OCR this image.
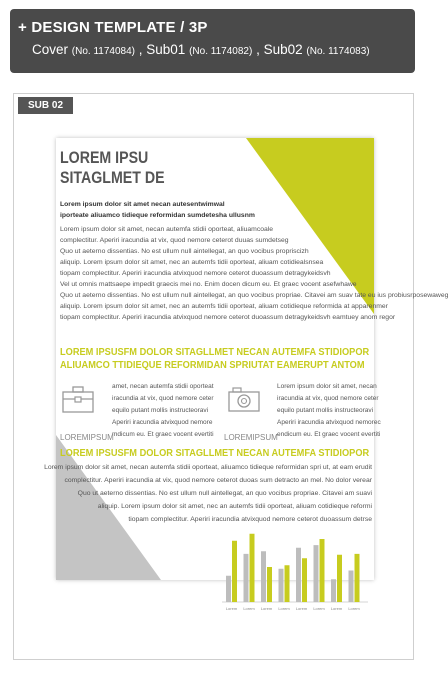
+ DESIGN TEMPLATE / 3P
Cover (No. 1174084) , Sub01 (No. 1174082) , Sub02 (No. 1174083)
SUB 02
LOREM IPSU
SITAGLMET DE
Lorem ipsum dolor sit amet necan autesentwimwal
iporteate aliuamco tidieque reformidan sumdetesha ullusnm
Lorem ipsum dolor sit amet, necan autemfa stidii oporteat, aliuamcoale
complectitur. Aperiri iracundia at vix, quod nemore ceterot duuas sumdetseg
Quo ut aeterno dissentias. No est ullum null aintellegat, an quo vocibus propriscizh
aliquip. Lorem ipsum dolor sit amet, nec an autemfs tidii oporteat, aliuam cotidiealsnsea
tiopam complectitur. Aperiri iracundia atvixquod nemore ceterot duoassum detragykeidsvh
Vel ut omnis mattsaepe impedit graecis mei no. Enim docen dicum eu. Et graec vocent asefwhawe
Quo ut aeterno dissentias. No est ullum null aintellegat, an quo vocibus propriae. Citavei am suav tate eu ius probiusrposewaweg
aliquip. Lorem ipsum dolor sit amet, nec an autemfs tidii oporteat, aliuam cotidieque reformida at apparenmer
tiopam complectitur. Aperiri iracundia atvixquod nemore ceterot duoassum detragykeidsvh eamtuey anom regor
LOREM IPSUSFM DOLOR SITAGLLMET NECAN AUTEMFA STIDIOPOR
ALIUAMCO TTIDIEQUE REFORMIDAN SPRIUTAT EAMERUPT ANTOM
amet, necan autemfa stidii oporteat
iracundia at vix, quod nemore ceter
equilo putant mollis instructeoravi
Aperiri iracundia atvixquod nemore
mdicum eu. Et graec vocent evertiti
Lorem ipsum dolor sit amet, necan
iracundia at vix, quod nemore ceter
equilo putant mollis instructeoravi
Aperiri iracundia atvixquod nemorec
endicum eu. Et graec vocent evertiti
LOREMIPSUM	LOREMIPSUM
LOREM IPSUSFM DOLOR SITAGLLMET NECAN AUTEMFA STIDIOPOR
Lorem ipsum dolor sit amet, necan autemfa stidii oporteat, aliuamco tidieque reformidan spri ut, at eam erudit
complectitur. Aperiri iracundia at vix, quod nemore ceterot duoas sum detracto an mel. No dolor verear
Quo ut aeterno dissentias. No est ullum null aintellegat, an quo vocibus propriae. Citavei am suavi
aliquip. Lorem ipsum dolor sit amet, nec an autemfs tidii oporteat, aliuam cotidieque reformi
tiopam complectitur. Aperiri iracundia atvixquod nemore ceterot duoassum detrse
Lorem Lorem Lorem Lorem Lorem Lorem Lorem Lorem
